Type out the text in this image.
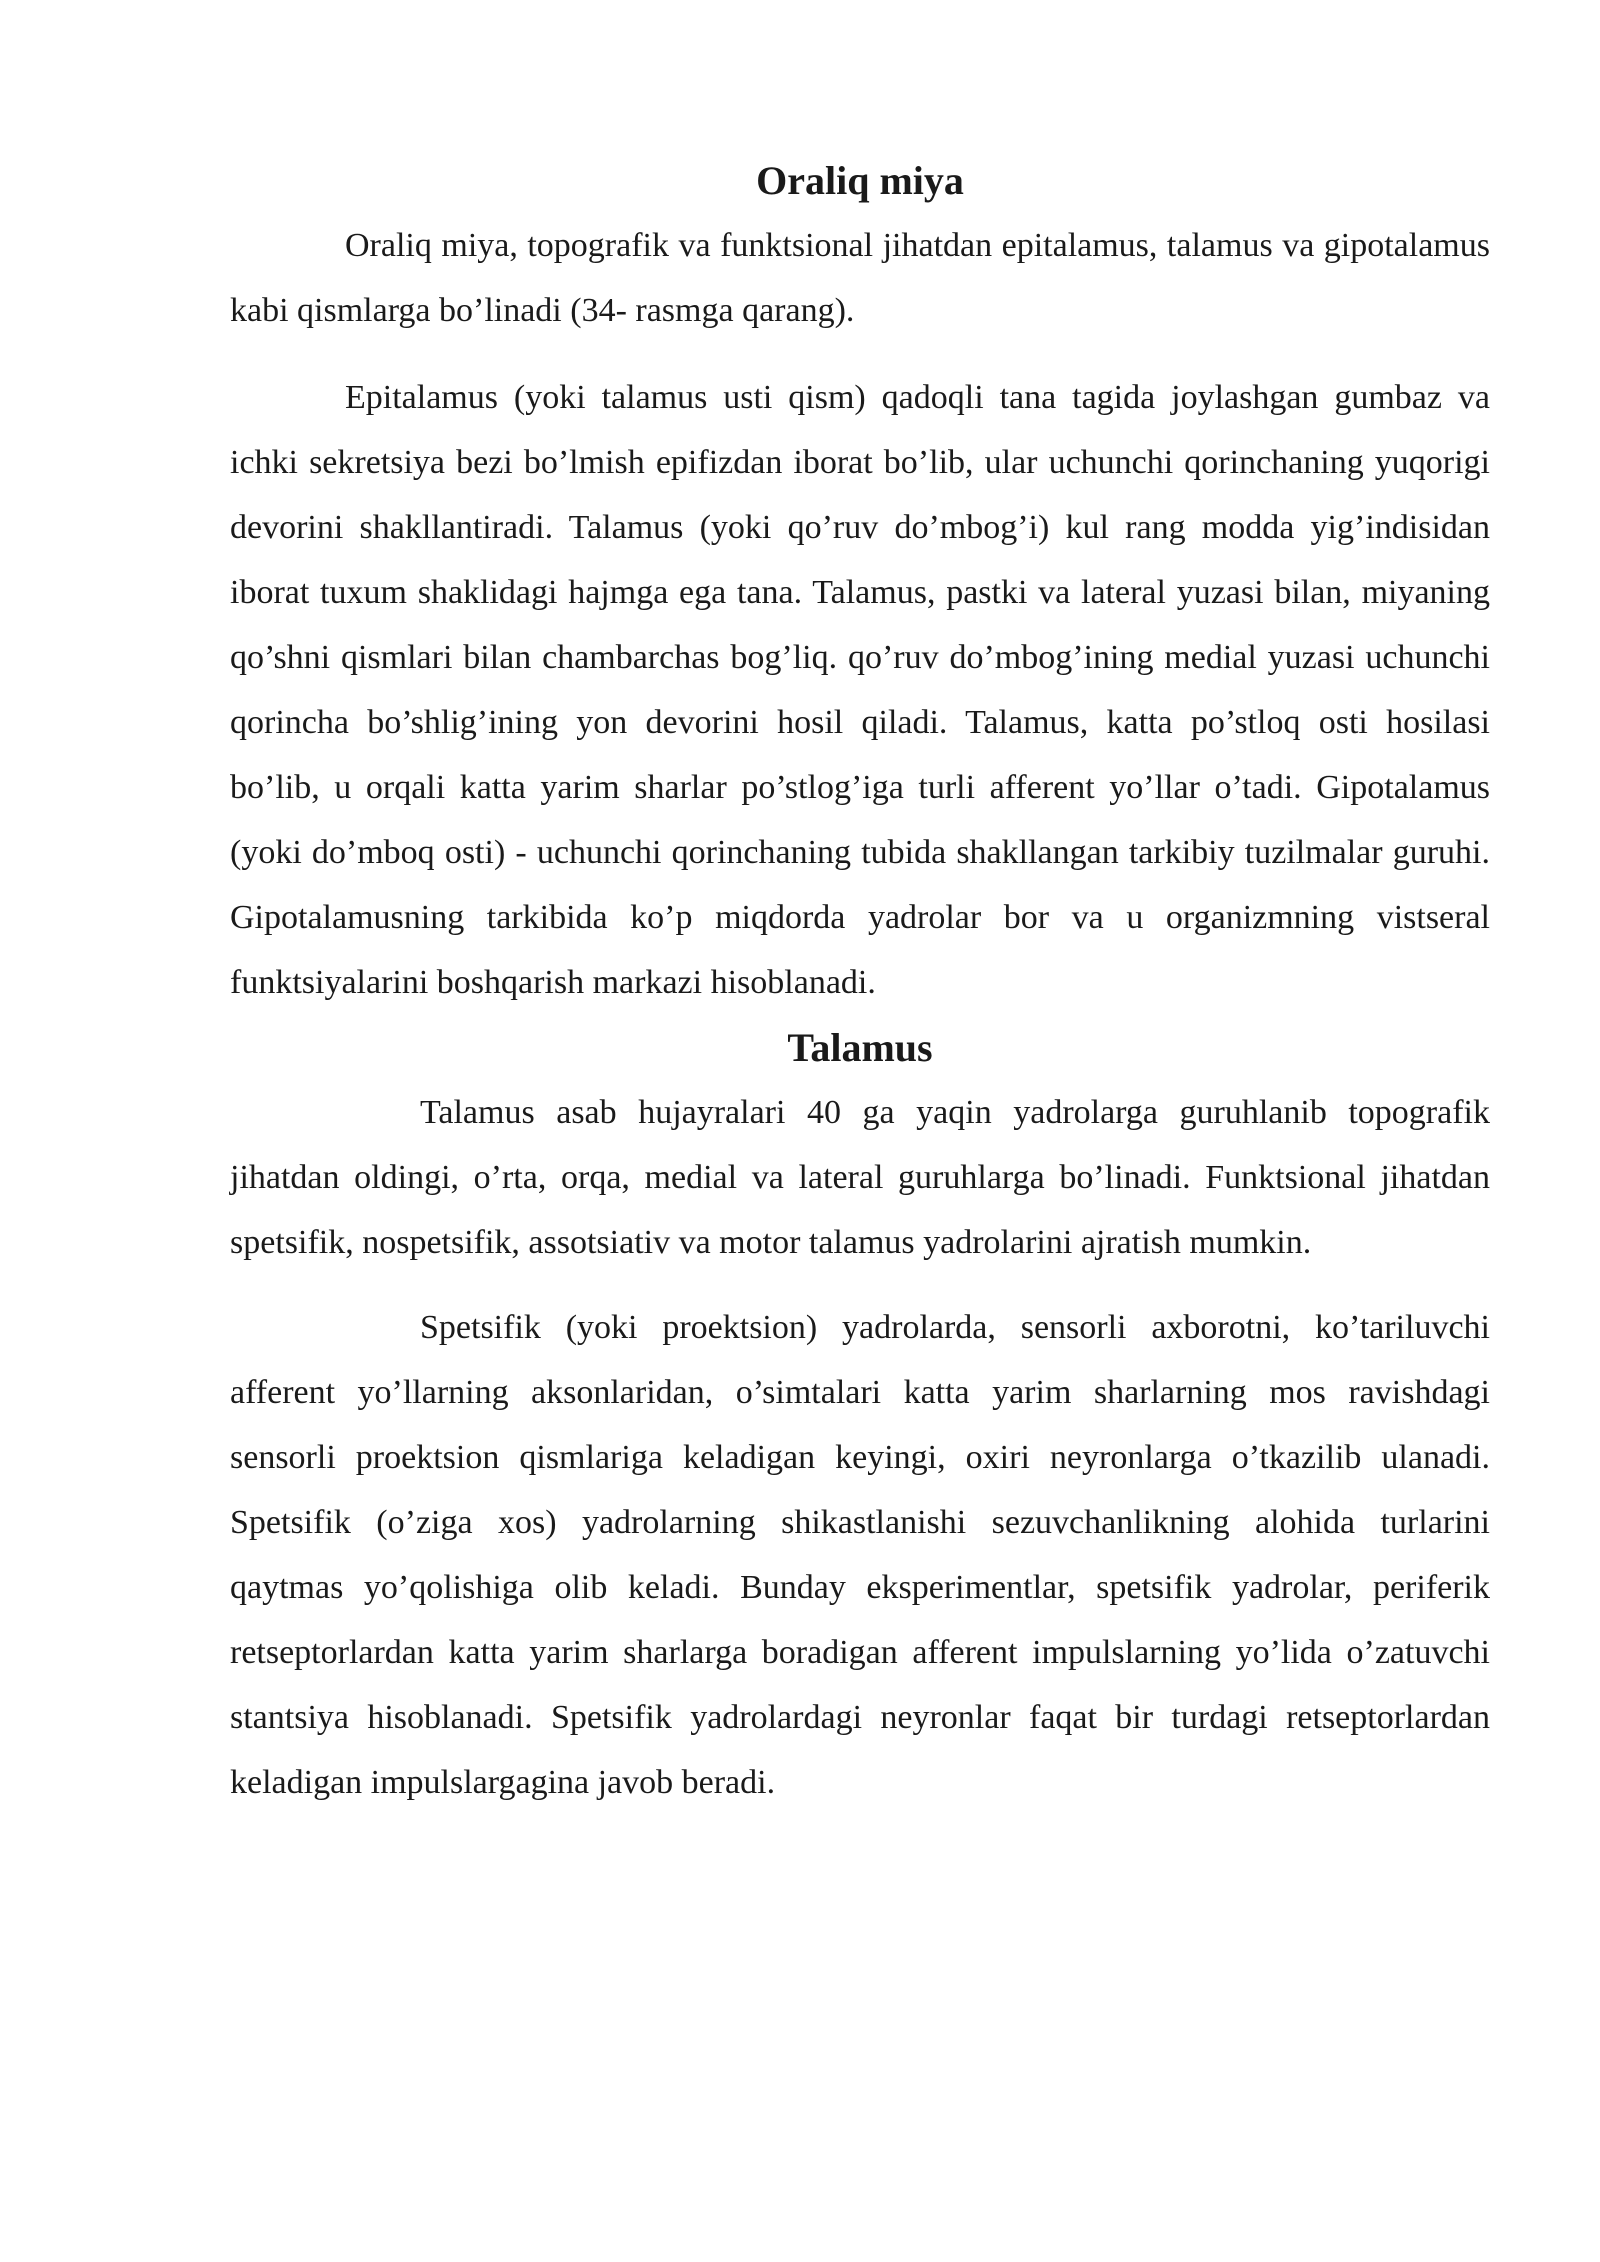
Oraliq miya

Oraliq miya, topografik va funktsional jihatdan epitalamus, talamus va gipotalamus kabi qismlarga bo’linadi (34- rasmga qarang).

Epitalamus (yoki talamus usti qism) qadoqli tana tagida joylashgan gumbaz va ichki sekretsiya bezi bo’lmish epifizdan iborat bo’lib, ular uchunchi qorinchaning yuqorigi devorini shakllantiradi. Talamus (yoki qo’ruv do’mbog’i) kul rang modda yig’indisidan iborat tuxum shaklidagi hajmga ega tana. Talamus, pastki va lateral yuzasi bilan, miyaning qo’shni qismlari bilan chambarchas bog’liq. qo’ruv do’mbog’ining medial yuzasi uchunchi qorincha bo’shlig’ining yon devorini hosil qiladi. Talamus, katta po’stloq osti hosilasi bo’lib, u orqali katta yarim sharlar po’stlog’iga turli afferent yo’llar o’tadi. Gipotalamus (yoki do’mboq osti) - uchunchi qorinchaning tubida shakllangan tarkibiy tuzilmalar guruhi. Gipotalamusning tarkibida ko’p miqdorda yadrolar bor va u organizmning vistseral funktsiyalarini boshqarish markazi hisoblanadi.

Talamus

Talamus asab hujayralari 40 ga yaqin yadrolarga guruhlanib topografik jihatdan oldingi, o’rta, orqa, medial va lateral guruhlarga bo’linadi. Funktsional jihatdan spetsifik, nospetsifik, assotsiativ va motor talamus yadrolarini ajratish mumkin.

Spetsifik (yoki proektsion) yadrolarda, sensorli axborotni, ko’tariluvchi afferent yo’llarning aksonlaridan, o’simtalari katta yarim sharlarning mos ravishdagi sensorli proektsion qismlariga keladigan keyingi, oxiri neyronlarga o’tkazilib ulanadi. Spetsifik (o’ziga xos) yadrolarning shikastlanishi sezuvchanlikning alohida turlarini qaytmas yo’qolishiga olib keladi. Bunday eksperimentlar, spetsifik yadrolar, periferik retseptorlardan katta yarim sharlarga boradigan afferent impulslarning yo’lida o’zatuvchi stantsiya hisoblanadi. Spetsifik yadrolardagi neyronlar faqat bir turdagi retseptorlardan keladigan impulslargagina javob beradi.
